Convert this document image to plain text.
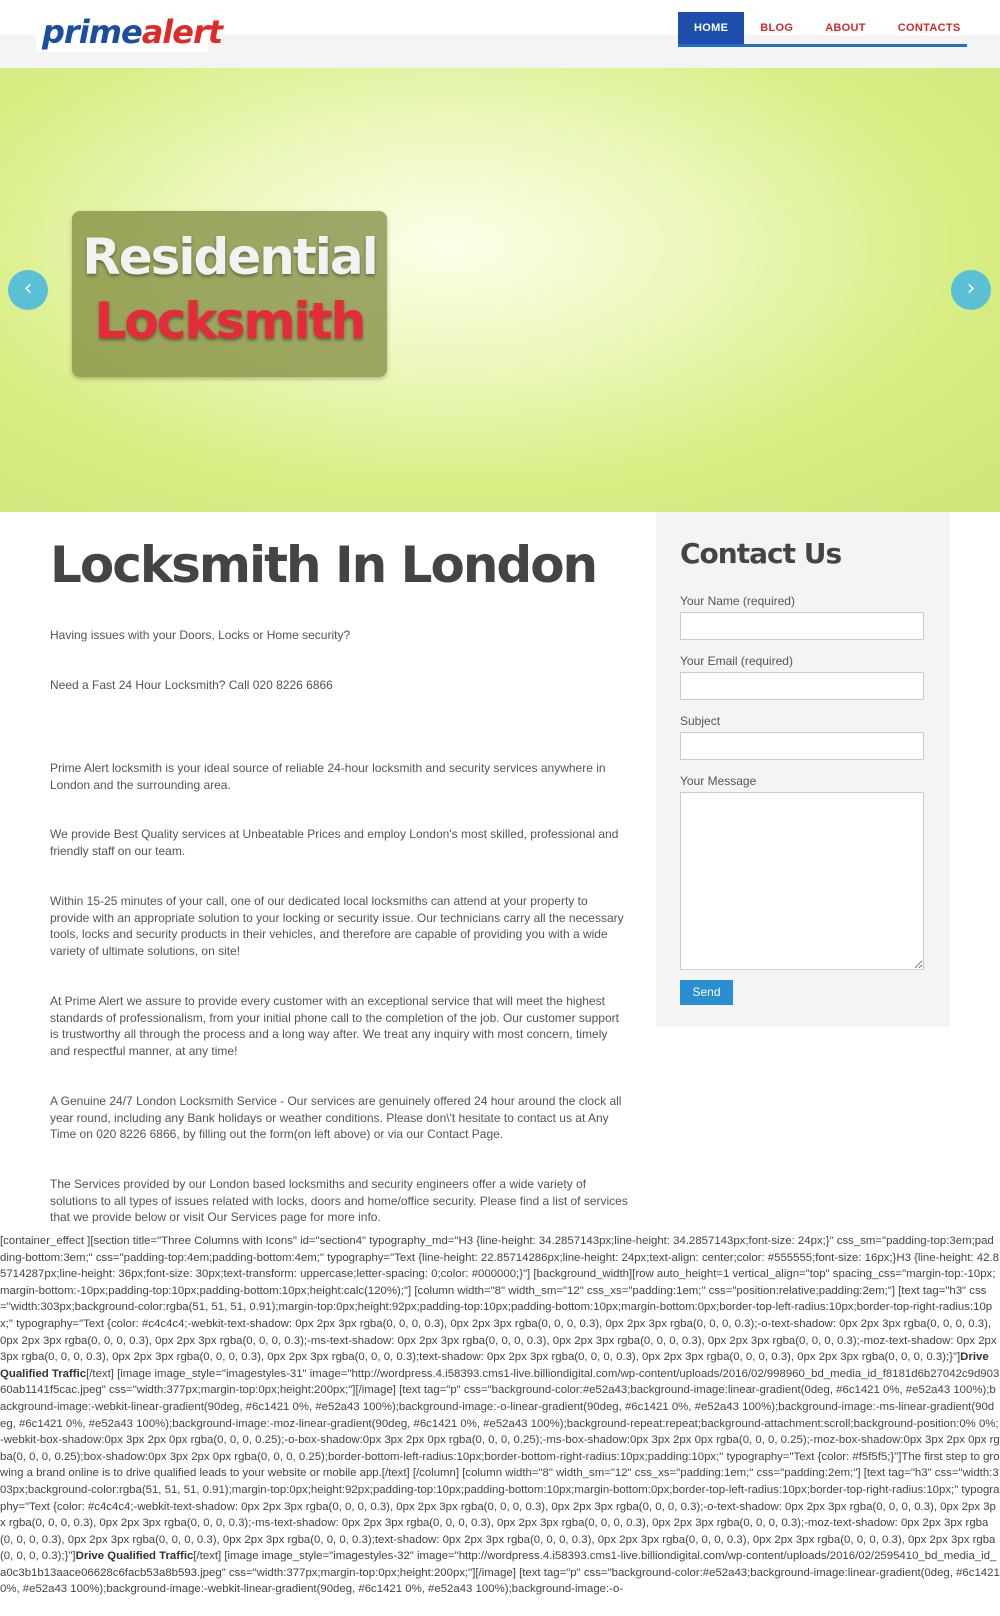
primealert	HOME	BLOG	ABOUT	CONTACTS
‹
Residential
Locksmith
›
Locksmith In London

Having issues with your Doors, Locks or Home security?

Need a Fast 24 Hour Locksmith? Call 020 8226 6866

Prime Alert locksmith is your ideal source of reliable 24-hour locksmith and security services anywhere in London and the surrounding area.

We provide Best Quality services at Unbeatable Prices and employ London's most skilled, professional and friendly staff on our team.

Within 15-25 minutes of your call, one of our dedicated local locksmiths can attend at your property to provide with an appropriate solution to your locking or security issue. Our technicians carry all the necessary tools, locks and security products in their vehicles, and therefore are capable of providing you with a wide variety of ultimate solutions, on site!

At Prime Alert we assure to provide every customer with an exceptional service that will meet the highest standards of professionalism, from your initial phone call to the completion of the job. Our customer support is trustworthy all through the process and a long way after. We treat any inquiry with most concern, timely and respectful manner, at any time!

A Genuine 24/7 London Locksmith Service - Our services are genuinely offered 24 hour around the clock all year round, including any Bank holidays or weather conditions. Please don\'t hesitate to contact us at Any Time on 020 8226 6866, by filling out the form(on left above) or via our Contact Page.

The Services provided by our London based locksmiths and security engineers offer a wide variety of solutions to all types of issues related with locks, doors and home/office security. Please find a list of services that we provide below or visit Our Services page for more info.

Contact Us
Your Name (required)
Your Email (required)
Subject
Your Message
Send
[container_effect ][section title="Three Columns with Icons" id="section4" typography_md="H3 {line-height: 34.2857143px;line-height: 34.2857143px;font-size: 24px;}" css_sm="padding-top:3em;padding-bottom:3em;" css="padding-top:4em;padding-bottom:4em;" typography="Text {line-height: 22.85714286px;line-height: 24px;text-align: center;color: #555555;font-size: 16px;}H3 {line-height: 42.85714287px;line-height: 36px;font-size: 30px;text-transform: uppercase;letter-spacing: 0;color: #000000;}"] [background_width][row auto_height=1 vertical_align="top" spacing_css="margin-top:-10px;margin-bottom:-10px;padding-top:10px;padding-bottom:10px;height:calc(120%);"] [column width="8" width_sm="12" css_xs="padding:1em;" css="position:relative;padding:2em;"] [text tag="h3" css="width:303px;background-color:rgba(51, 51, 51, 0.91);margin-top:0px;height:92px;padding-top:10px;padding-bottom:10px;margin-bottom:0px;border-top-left-radius:10px;border-top-right-radius:10px;" typography="Text {color: #c4c4c4;-webkit-text-shadow: 0px 2px 3px rgba(0, 0, 0, 0.3), 0px 2px 3px rgba(0, 0, 0, 0.3), 0px 2px 3px rgba(0, 0, 0, 0.3);-o-text-shadow: 0px 2px 3px rgba(0, 0, 0, 0.3), 0px 2px 3px rgba(0, 0, 0, 0.3), 0px 2px 3px rgba(0, 0, 0, 0.3);-ms-text-shadow: 0px 2px 3px rgba(0, 0, 0, 0.3), 0px 2px 3px rgba(0, 0, 0, 0.3), 0px 2px 3px rgba(0, 0, 0, 0.3);-moz-text-shadow: 0px 2px 3px rgba(0, 0, 0, 0.3), 0px 2px 3px rgba(0, 0, 0, 0.3), 0px 2px 3px rgba(0, 0, 0, 0.3);text-shadow: 0px 2px 3px rgba(0, 0, 0, 0.3), 0px 2px 3px rgba(0, 0, 0, 0.3), 0px 2px 3px rgba(0, 0, 0, 0.3);}"]Drive Qualified Traffic[/text] [image image_style="imagestyles-31" image="http://wordpress.4.i58393.cms1-live.billiondigital.com/wp-content/uploads/2016/02/998960_bd_media_id_f8181d6b27042c9d90360ab1141f5cac.jpeg" css="width:377px;margin-top:0px;height:200px;"][/image] [text tag="p" css="background-color:#e52a43;background-image:linear-gradient(0deg, #6c1421 0%, #e52a43 100%);background-image:-webkit-linear-gradient(90deg, #6c1421 0%, #e52a43 100%);background-image:-o-linear-gradient(90deg, #6c1421 0%, #e52a43 100%);background-image:-ms-linear-gradient(90deg, #6c1421 0%, #e52a43 100%);background-image:-moz-linear-gradient(90deg, #6c1421 0%, #e52a43 100%);background-repeat:repeat;background-attachment:scroll;background-position:0% 0%;-webkit-box-shadow:0px 3px 2px 0px rgba(0, 0, 0, 0.25);-o-box-shadow:0px 3px 2px 0px rgba(0, 0, 0, 0.25);-ms-box-shadow:0px 3px 2px 0px rgba(0, 0, 0, 0.25);-moz-box-shadow:0px 3px 2px 0px rgba(0, 0, 0, 0.25);box-shadow:0px 3px 2px 0px rgba(0, 0, 0, 0.25);border-bottom-left-radius:10px;border-bottom-right-radius:10px;padding:10px;" typography="Text {color: #f5f5f5;}"]The first step to growing a brand online is to drive qualified leads to your website or mobile app.[/text] [/column] [column width="8" width_sm="12" css_xs="padding:1em;" css="padding:2em;"] [text tag="h3" css="width:303px;background-color:rgba(51, 51, 51, 0.91);margin-top:0px;height:92px;padding-top:10px;padding-bottom:10px;margin-bottom:0px;border-top-left-radius:10px;border-top-right-radius:10px;" typography="Text {color: #c4c4c4;-webkit-text-shadow: 0px 2px 3px rgba(0, 0, 0, 0.3), 0px 2px 3px rgba(0, 0, 0, 0.3), 0px 2px 3px rgba(0, 0, 0, 0.3);-o-text-shadow: 0px 2px 3px rgba(0, 0, 0, 0.3), 0px 2px 3px rgba(0, 0, 0, 0.3), 0px 2px 3px rgba(0, 0, 0, 0.3);-ms-text-shadow: 0px 2px 3px rgba(0, 0, 0, 0.3), 0px 2px 3px rgba(0, 0, 0, 0.3), 0px 2px 3px rgba(0, 0, 0, 0.3);-moz-text-shadow: 0px 2px 3px rgba(0, 0, 0, 0.3), 0px 2px 3px rgba(0, 0, 0, 0.3), 0px 2px 3px rgba(0, 0, 0, 0.3);text-shadow: 0px 2px 3px rgba(0, 0, 0, 0.3), 0px 2px 3px rgba(0, 0, 0, 0.3), 0px 2px 3px rgba(0, 0, 0, 0.3), 0px 2px 3px rgba(0, 0, 0, 0.3);}"]Drive Qualified Traffic[/text] [image image_style="imagestyles-32" image="http://wordpress.4.i58393.cms1-live.billiondigital.com/wp-content/uploads/2016/02/2595410_bd_media_id_a0c3b1b13aace06628c6facb53a8b593.jpeg" css="width:377px;margin-top:0px;height:200px;"][/image] [text tag="p" css="background-color:#e52a43;background-image:linear-gradient(0deg, #6c1421 0%, #e52a43 100%);background-image:-webkit-linear-gradient(90deg, #6c1421 0%, #e52a43 100%);background-image:-o-
